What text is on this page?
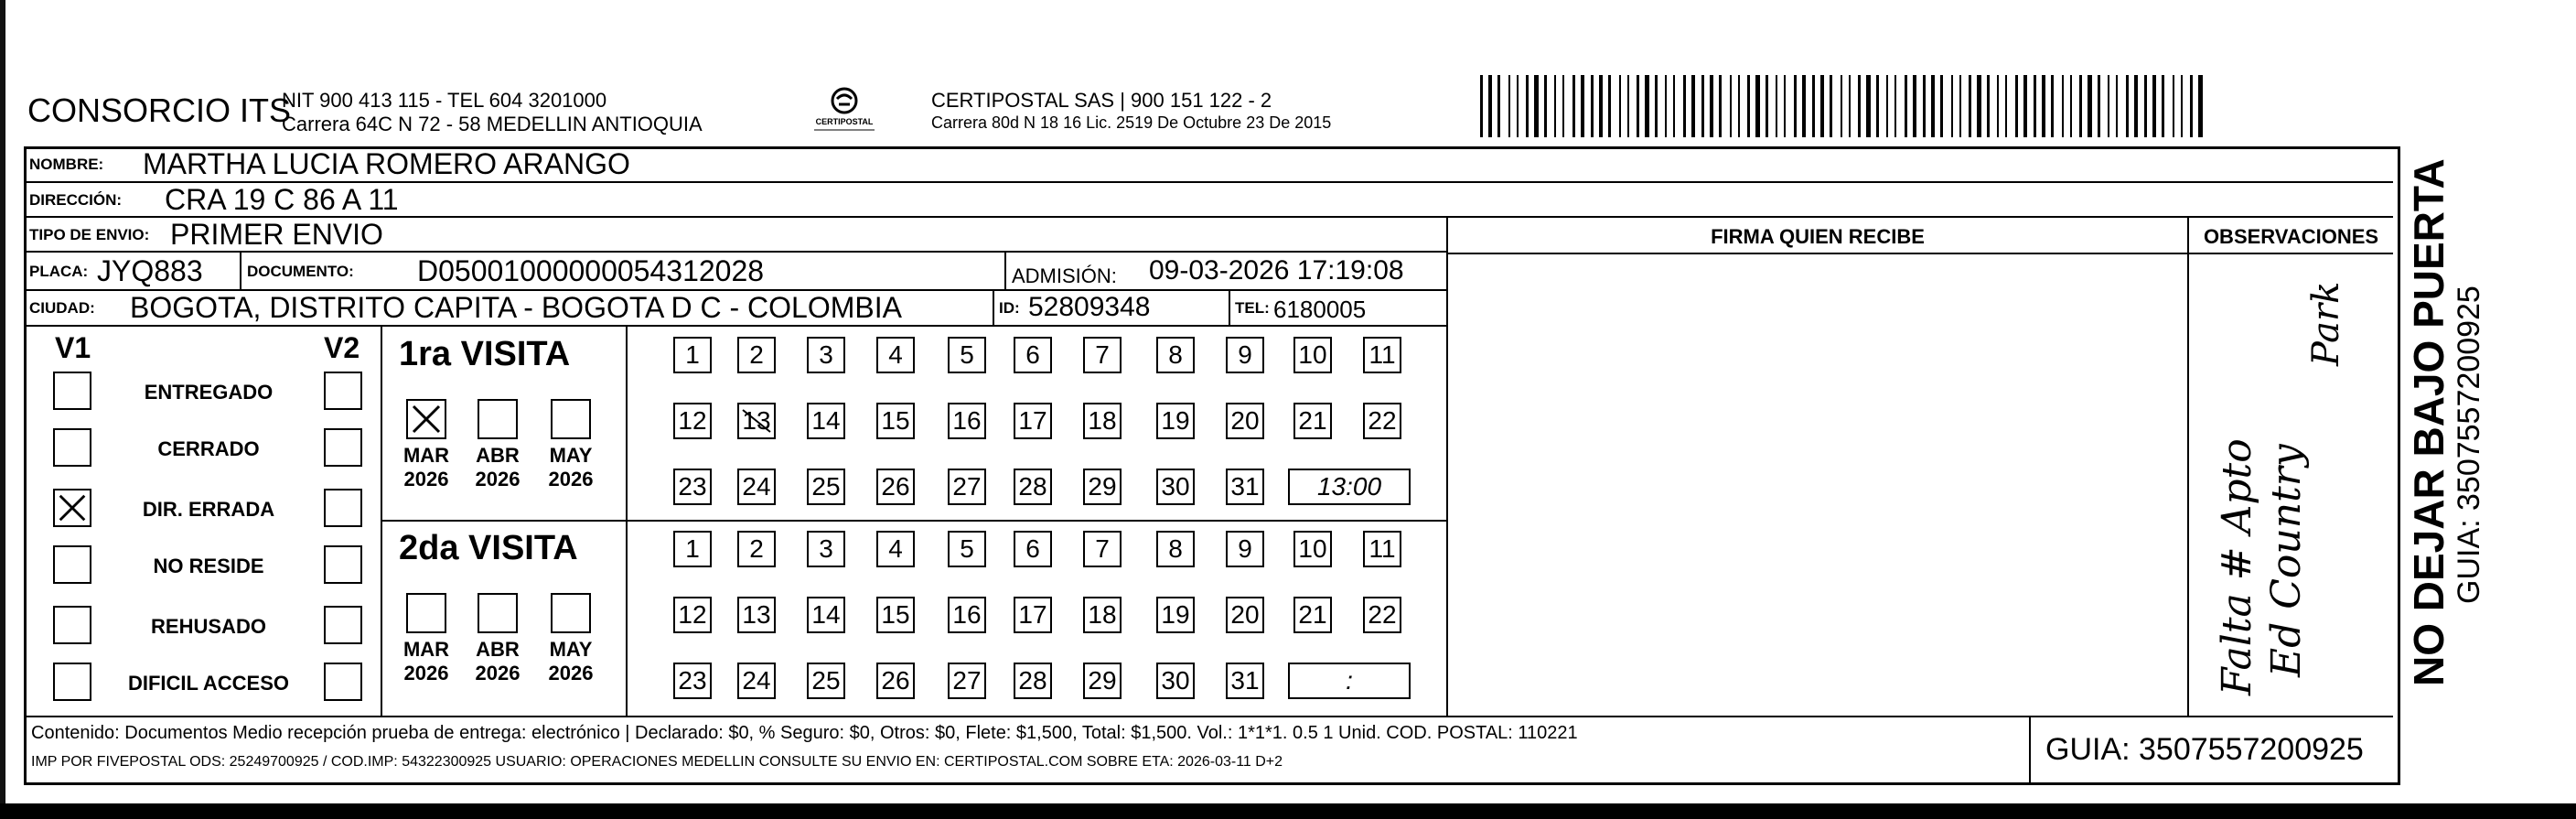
CONSORCIO ITS
NIT 900 413 115 - TEL 604 3201000
Carrera 64C N 72 - 58 MEDELLIN ANTIOQUIA	CERTIPOSTAL
CERTIPOSTAL SAS | 900 151 122 - 2
Carrera 80d N 18 16 Lic. 2519 De Octubre 23 De 2015
NOMBRE: MARTHA LUCIA ROMERO ARANGO
DIRECCIÓN: CRA 19 C 86 A 11
TIPO DE ENVIO: PRIMER ENVIO	FIRMA QUIEN RECIBE	OBSERVACIONES
PLACA: JYQ883	DOCUMENTO: D05001000000054312028	ADMISIÓN: 09-03-2026 17:19:08
CIUDAD: BOGOTA, DISTRITO CAPITA - BOGOTA D C - COLOMBIA	ID: 52809348	TEL: 6180005
V1	V2
ENTREGADO
CERRADO
DIR. ERRADA
NO RESIDE
REHUSADO
DIFICIL ACCESO
1ra VISITA
MAR
2026
ABR
2026
MAY
2026
1	2	3	4	5	6	7	8	9	10 11
12 13 14 15 16 17 18 19 20 21 22
23 24 25 26 27 28 29 30 31	13:00
2da VISITA
MAR
2026
ABR
2026
MAY
2026
1	2	3	4	5	6	7	8	9	10 11
12 13 14 15 16 17 18 19 20 21 22
23 24 25 26 27 28 29 30 31	:	Falta # Apto Ed Country
Park
Contenido: Documentos Medio recepción prueba de entrega: electrónico | Declarado: $0, % Seguro: $0, Otros: $0, Flete: $1,500, Total: $1,500. Vol.: 1*1*1. 0.5 1 Unid. COD. POSTAL: 110221
IMP POR FIVEPOSTAL ODS: 25249700925 / COD.IMP: 54322300925 USUARIO: OPERACIONES MEDELLIN CONSULTE SU ENVIO EN: CERTIPOSTAL.COM SOBRE ETA: 2026-03-11 D+2	GUIA: 3507557200925
NO DEJAR BAJO PUERTA GUIA: 3507557200925
